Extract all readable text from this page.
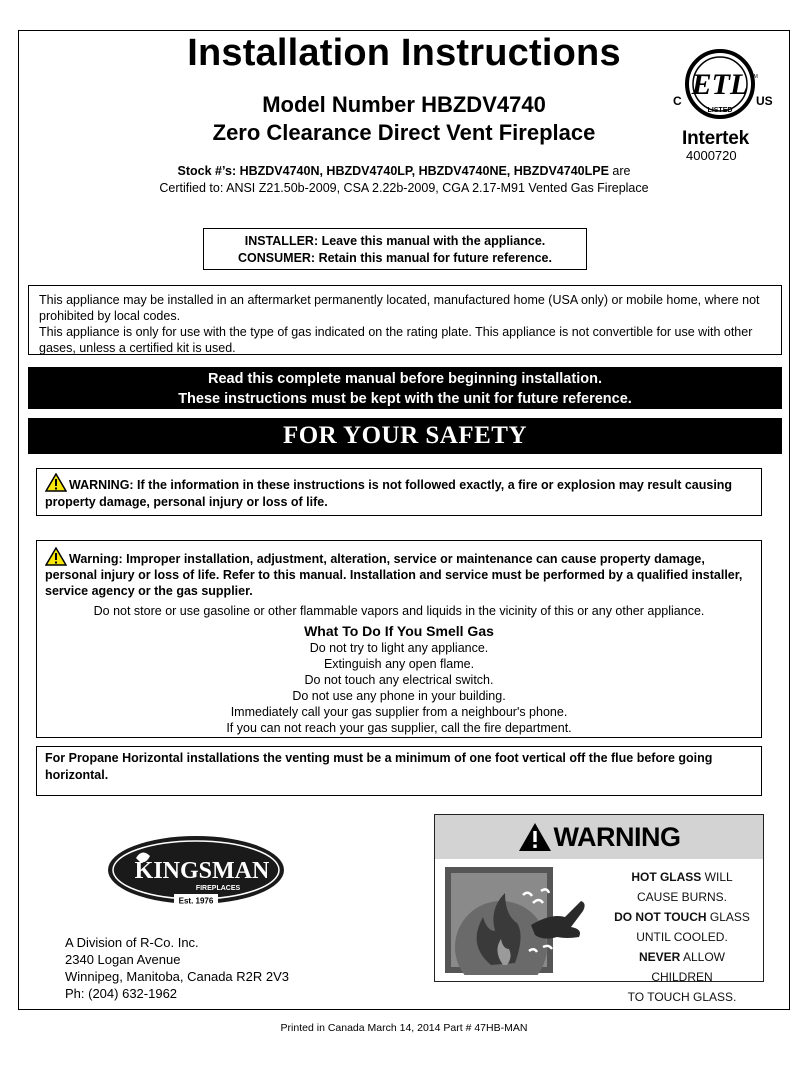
Installation Instructions
Model Number HBZDV4740
Zero Clearance Direct Vent Fireplace
Stock #’s: HBZDV4740N, HBZDV4740LP, HBZDV4740NE, HBZDV4740LPE are
Certified to: ANSI Z21.50b-2009, CSA 2.22b-2009, CGA 2.17-M91 Vented Gas Fireplace
ETL
LISTED
C	US
CM
Intertek
4000720
INSTALLER: Leave this manual with the appliance.
CONSUMER: Retain this manual for future reference.
This appliance may be installed in an aftermarket permanently located, manufactured home (USA only) or mobile home, where not prohibited by local codes.
This appliance is only for use with the type of gas indicated on the rating plate. This appliance is not convertible for use with other gases, unless a certified kit is used.
Read this complete manual before beginning installation.
These instructions must be kept with the unit for future reference.
FOR YOUR SAFETY
WARNING: If the information in these instructions is not followed exactly, a fire or explosion may result causing property damage, personal injury or loss of life.
Warning: Improper installation, adjustment, alteration, service or maintenance can cause property damage, personal injury or loss of life. Refer to this manual. Installation and service must be performed by a qualified installer, service agency or the gas supplier.
Do not store or use gasoline or other flammable vapors and liquids in the vicinity of this or any other appliance.
What To Do If You Smell Gas
Do not try to light any appliance.
Extinguish any open flame.
Do not touch any electrical switch.
Do not use any phone in your building.
Immediately call your gas supplier from a neighbour's phone.
If you can not reach your gas supplier, call the fire department.
For Propane Horizontal installations the venting must be a minimum of one foot vertical off the flue before going horizontal.
KINGSMAN
FIREPLACES
Est. 1976
A Division of R-Co. Inc.
2340 Logan Avenue
Winnipeg, Manitoba, Canada R2R 2V3
Ph: (204) 632-1962
WARNING
HOT GLASS WILL
CAUSE BURNS.
DO NOT TOUCH GLASS
UNTIL COOLED.
NEVER ALLOW CHILDREN
TO TOUCH GLASS.
Printed in Canada March 14, 2014 Part # 47HB-MAN
